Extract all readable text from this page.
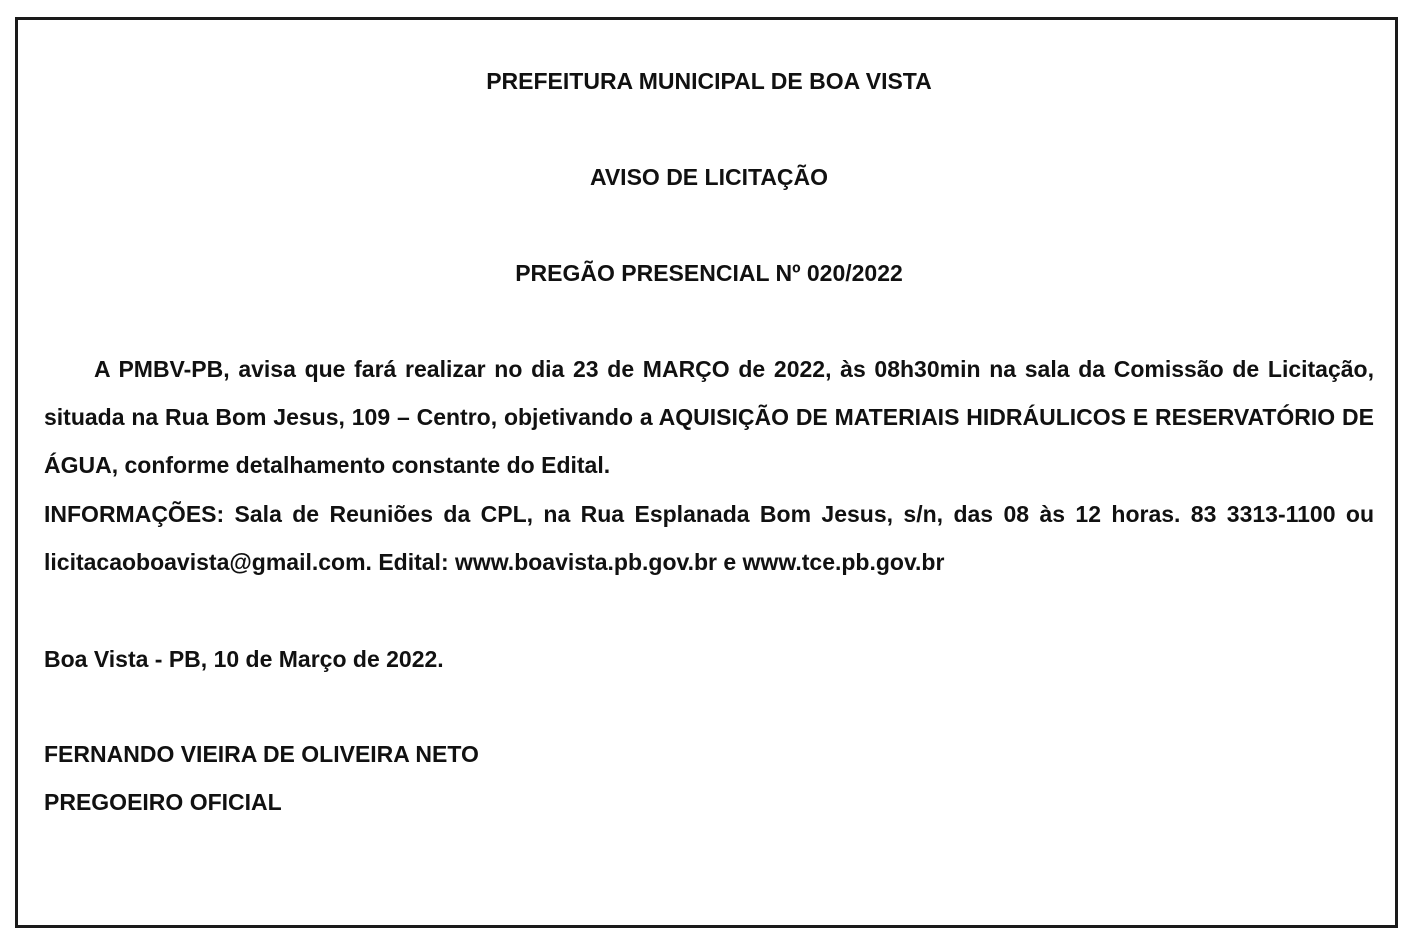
PREFEITURA MUNICIPAL DE BOA VISTA
AVISO DE LICITAÇÃO
PREGÃO PRESENCIAL Nº 020/2022
A PMBV-PB, avisa que fará realizar no dia 23 de MARÇO de 2022, às 08h30min na sala da Comissão de Licitação, situada na Rua Bom Jesus, 109 – Centro, objetivando a AQUISIÇÃO DE MATERIAIS HIDRÁULICOS E RESERVATÓRIO DE ÁGUA, conforme detalhamento constante do Edital.
INFORMAÇÕES: Sala de Reuniões da CPL, na Rua Esplanada Bom Jesus, s/n, das 08 às 12 horas. 83 3313-1100 ou licitacaoboavista@gmail.com. Edital: www.boavista.pb.gov.br e www.tce.pb.gov.br
Boa Vista - PB, 10 de Março de 2022.
FERNANDO VIEIRA DE OLIVEIRA NETO
PREGOEIRO OFICIAL
